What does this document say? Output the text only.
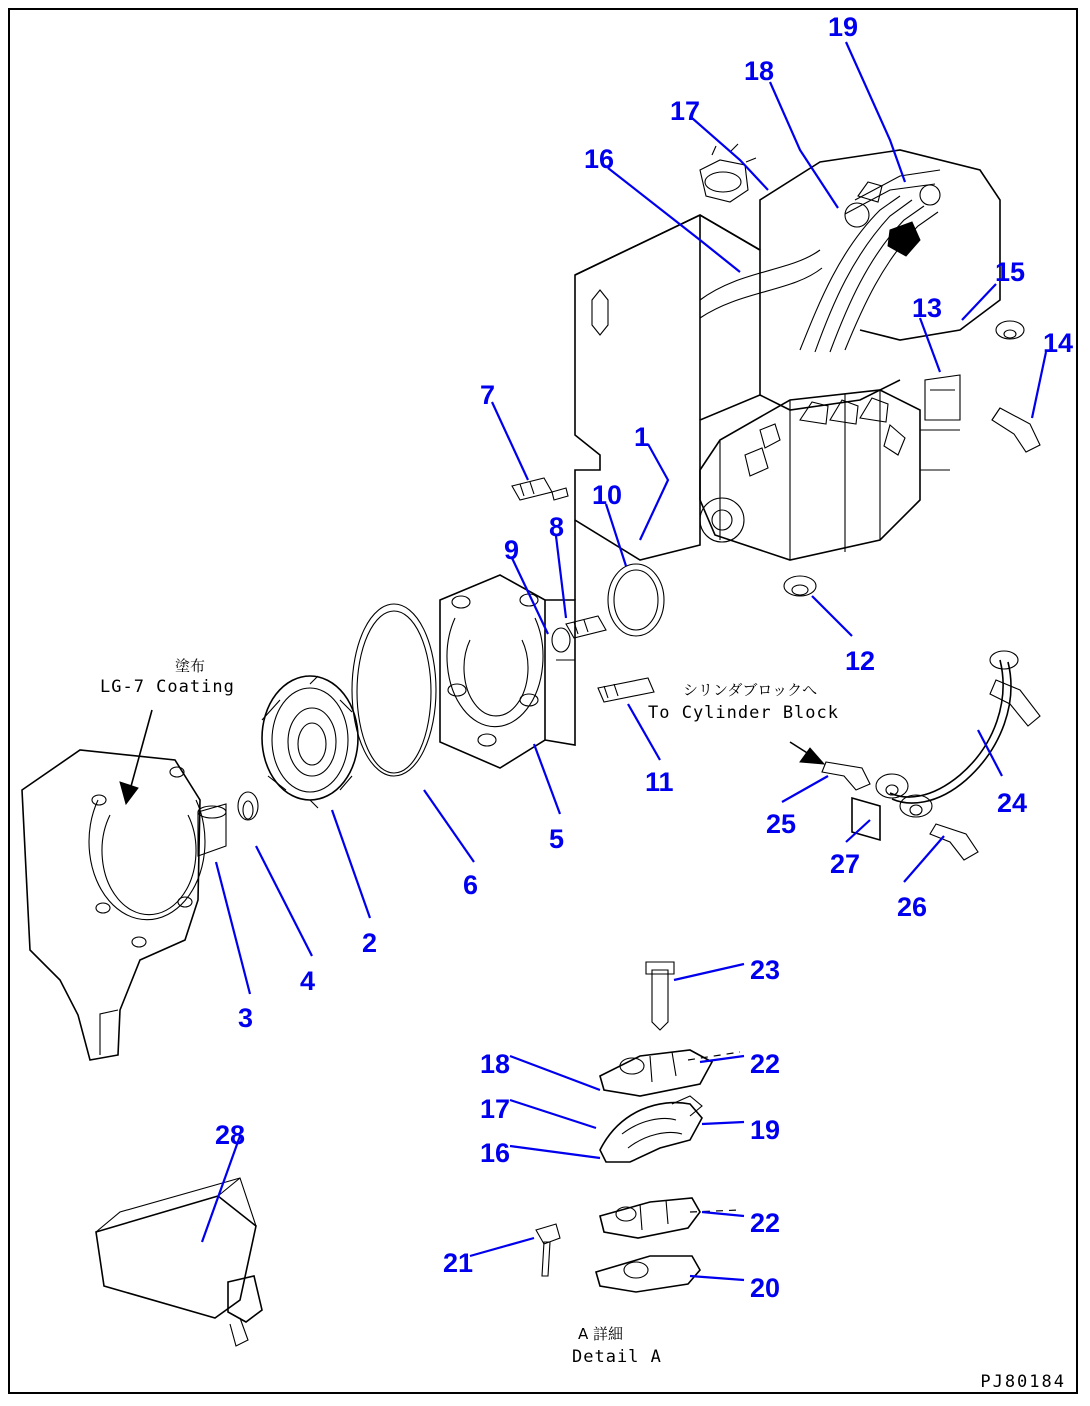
塗布
LG-7 Coating	シリンダブロックへ
To Cylinder Block
A 詳細
Detail A
PJ80184
1
2
3
4
5
6
7
8
9
10
11
12
13
14
15
16
17
18
19
20
21
22
22
23
24
25
26
27
28
16
17
18
19
